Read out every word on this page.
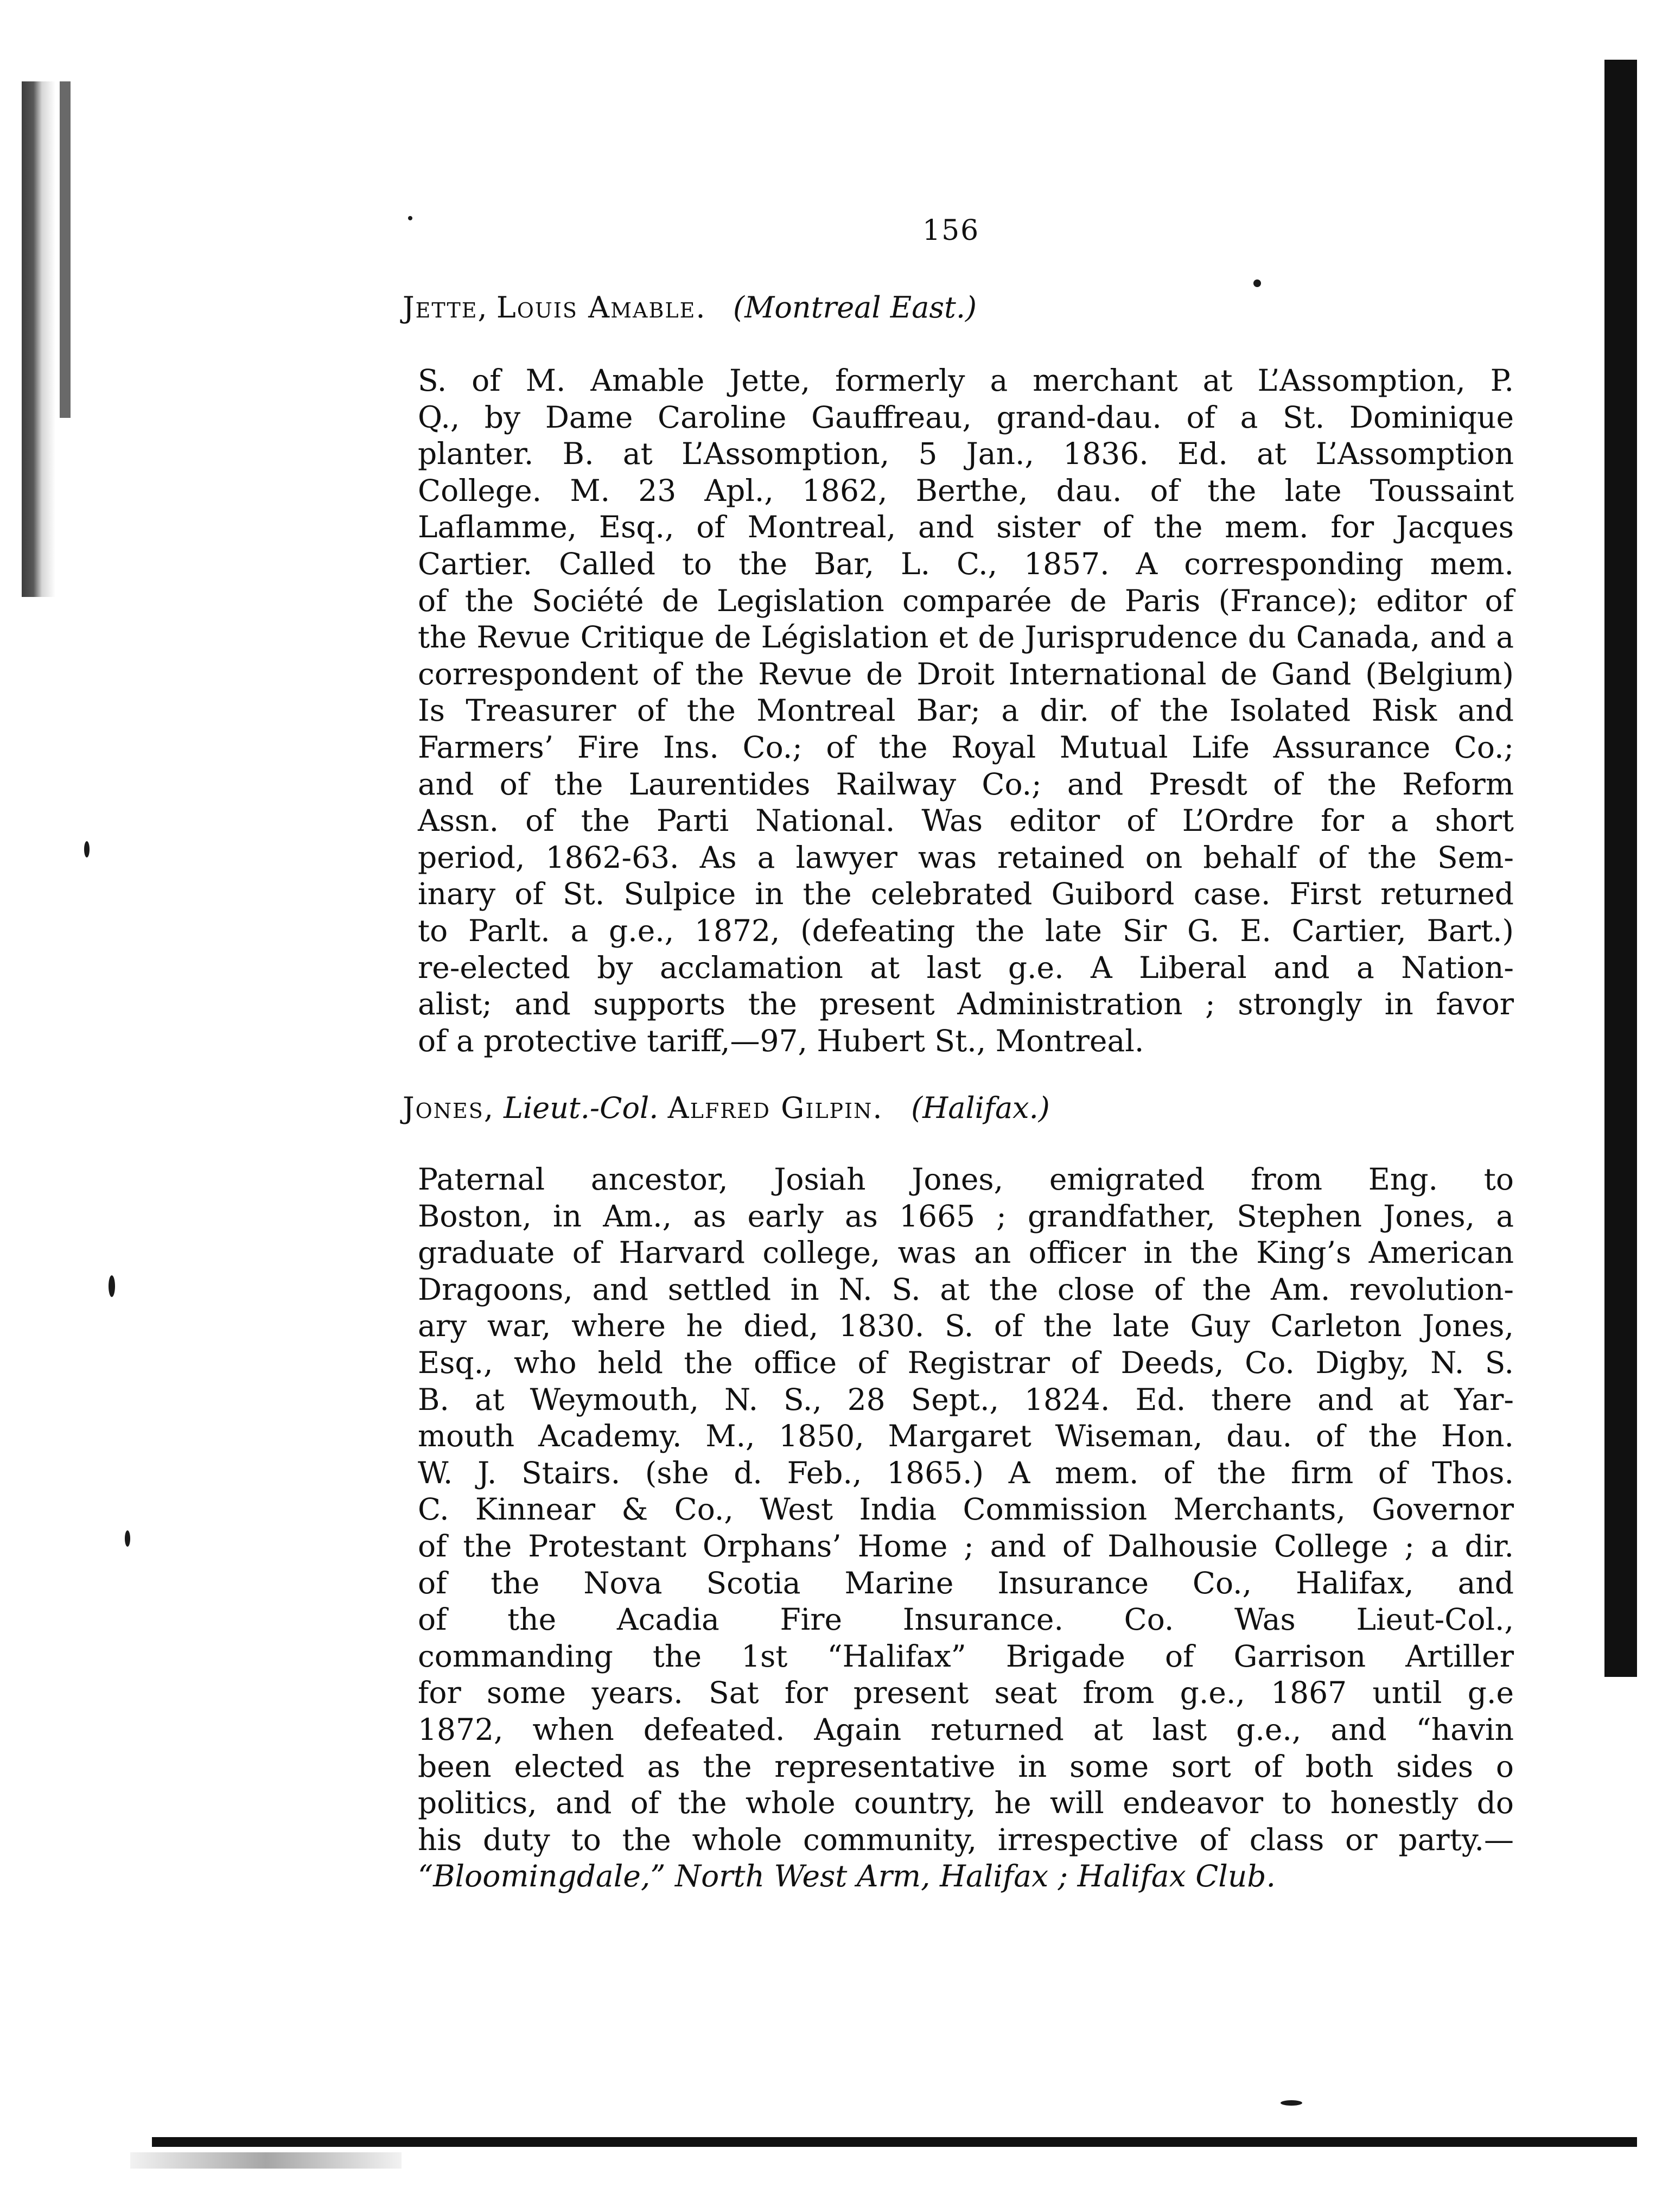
156
Jette, Louis Amable.   (Montreal East.)
S. of M. Amable Jette, formerly a merchant at L’Assomption, P.
Q., by Dame Caroline Gauffreau, grand-dau. of a St. Dominique
planter. B. at L’Assomption, 5 Jan., 1836. Ed. at L’Assomption
College. M. 23 Apl., 1862, Berthe, dau. of the late Toussaint
Laflamme, Esq., of Montreal, and sister of the mem. for Jacques
Cartier. Called to the Bar, L. C., 1857. A corresponding mem.
of the Société de Legislation comparée de Paris (France); editor of
the Revue Critique de Législation et de Jurisprudence du Canada, and a
correspondent of the Revue de Droit International de Gand (Belgium)
Is Treasurer of the Montreal Bar; a dir. of the Isolated Risk and
Farmers’ Fire Ins. Co.; of the Royal Mutual Life Assurance Co.;
and of the Laurentides Railway Co.; and Presdt of the Reform
Assn. of the Parti National. Was editor of L’Ordre for a short
period, 1862-63. As a lawyer was retained on behalf of the Sem-
inary of St. Sulpice in the celebrated Guibord case. First returned
to Parlt. a g.e., 1872, (defeating the late Sir G. E. Cartier, Bart.)
re-elected by acclamation at last g.e. A Liberal and a Nation-
alist; and supports the present Administration ; strongly in favor
of a protective tariff,—97, Hubert St., Montreal.
Jones, Lieut.-Col. Alfred Gilpin. (Halifax.)
Paternal ancestor, Josiah Jones, emigrated from Eng. to
Boston, in Am., as early as 1665 ; grandfather, Stephen Jones, a
graduate of Harvard college, was an officer in the King’s American
Dragoons, and settled in N. S. at the close of the Am. revolution-
ary war, where he died, 1830. S. of the late Guy Carleton Jones,
Esq., who held the office of Registrar of Deeds, Co. Digby, N. S.
B. at Weymouth, N. S., 28 Sept., 1824. Ed. there and at Yar-
mouth Academy. M., 1850, Margaret Wiseman, dau. of the Hon.
W. J. Stairs. (she d. Feb., 1865.) A mem. of the firm of Thos.
C. Kinnear & Co., West India Commission Merchants, Governor
of the Protestant Orphans’ Home ; and of Dalhousie College ; a dir.
of the Nova Scotia Marine Insurance Co., Halifax, and
of the Acadia Fire Insurance. Co. Was Lieut-Col.,
commanding the 1st “Halifax” Brigade of Garrison Artiller
for some years. Sat for present seat from g.e., 1867 until g.e
1872, when defeated. Again returned at last g.e., and “havin
been elected as the representative in some sort of both sides o
politics, and of the whole country, he will endeavor to honestly do
his duty to the whole community, irrespective of class or party.—
“Bloomingdale,” North West Arm, Halifax ; Halifax Club.
